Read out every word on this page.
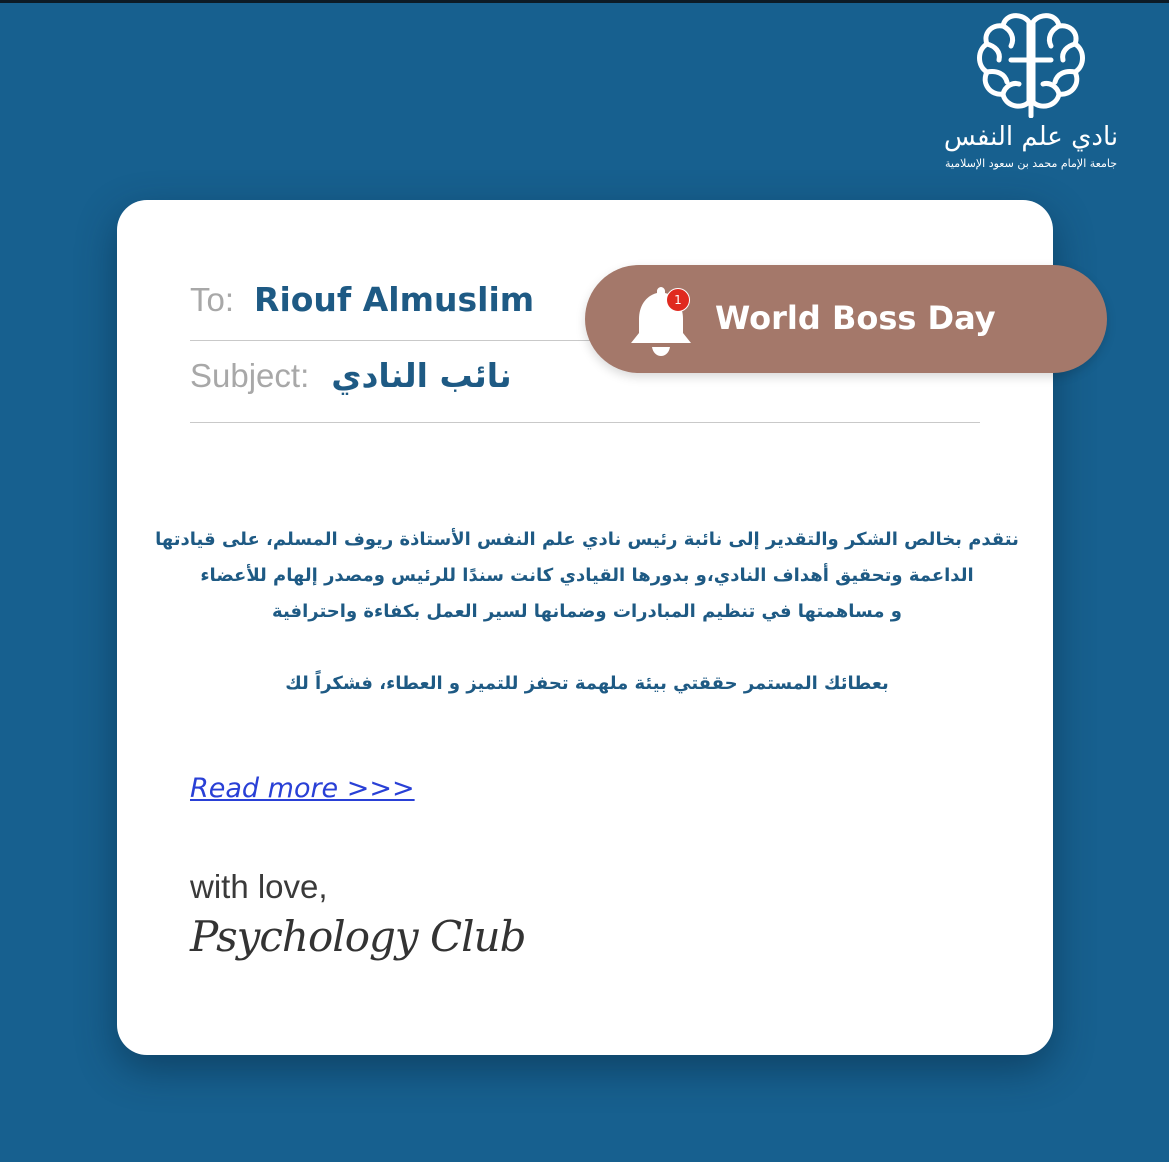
نادي علم النفس
جامعة الإمام محمد بن سعود الإسلامية
To: Riouf Almuslim
Subject: نائب النادي
نتقدم بخالص الشكر والتقدير إلى نائبة رئيس نادي علم النفس الأستاذة ريوف المسلم، على قيادتها
الداعمة وتحقيق أهداف النادي،و بدورها القيادي كانت سندًا للرئيس ومصدر إلهام للأعضاء
و مساهمتها في تنظيم المبادرات وضمانها لسير العمل بكفاءة واحترافية
بعطائك المستمر حققتي بيئة ملهمة تحفز للتميز و العطاء، فشكراً لك
Read more >>>
with love,
Psychology Club
1 World Boss Day
